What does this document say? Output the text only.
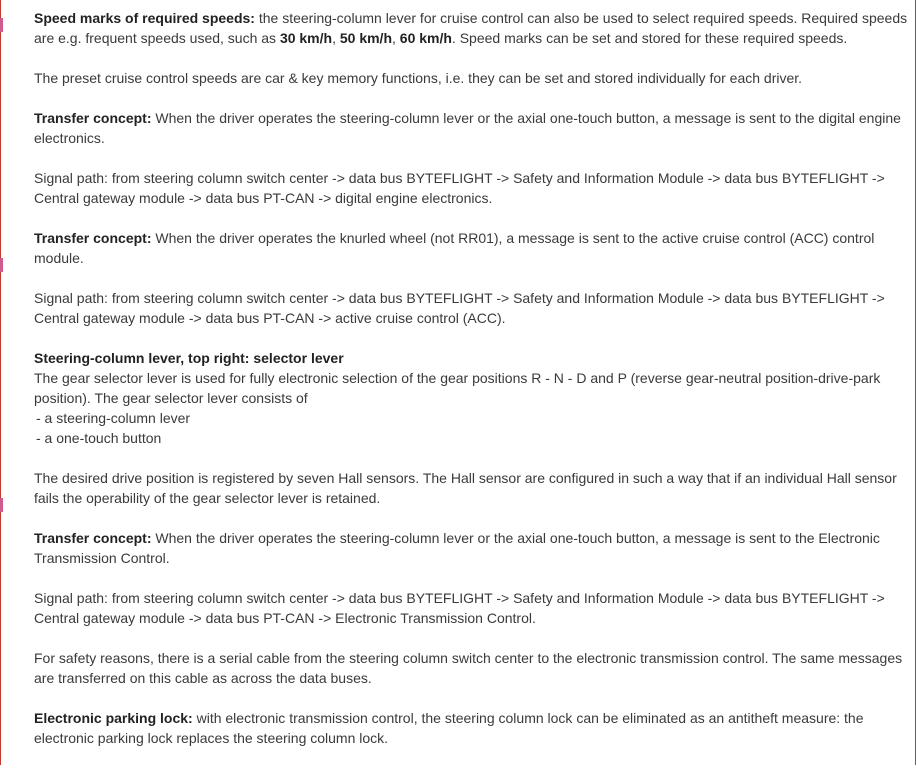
Speed marks of required speeds: the steering-column lever for cruise control can also be used to select required speeds. Required speeds are e.g. frequent speeds used, such as 30 km/h, 50 km/h, 60 km/h. Speed marks can be set and stored for these required speeds.

The preset cruise control speeds are car & key memory functions, i.e. they can be set and stored individually for each driver.

Transfer concept: When the driver operates the steering-column lever or the axial one-touch button, a message is sent to the digital engine electronics.

Signal path: from steering column switch center -> data bus BYTEFLIGHT -> Safety and Information Module -> data bus BYTEFLIGHT -> Central gateway module -> data bus PT-CAN -> digital engine electronics.

Transfer concept: When the driver operates the knurled wheel (not RR01), a message is sent to the active cruise control (ACC) control module.

Signal path: from steering column switch center -> data bus BYTEFLIGHT -> Safety and Information Module -> data bus BYTEFLIGHT -> Central gateway module -> data bus PT-CAN -> active cruise control (ACC).

Steering-column lever, top right: selector lever

The gear selector lever is used for fully electronic selection of the gear positions R - N - D and P (reverse gear-neutral position-drive-park position). The gear selector lever consists of

- a steering-column lever
- a one-touch button

The desired drive position is registered by seven Hall sensors. The Hall sensor are configured in such a way that if an individual Hall sensor fails the operability of the gear selector lever is retained.

Transfer concept: When the driver operates the steering-column lever or the axial one-touch button, a message is sent to the Electronic Transmission Control.

Signal path: from steering column switch center -> data bus BYTEFLIGHT -> Safety and Information Module -> data bus BYTEFLIGHT -> Central gateway module -> data bus PT-CAN -> Electronic Transmission Control.

For safety reasons, there is a serial cable from the steering column switch center to the electronic transmission control. The same messages are transferred on this cable as across the data buses.

Electronic parking lock: with electronic transmission control, the steering column lock can be eliminated as an antitheft measure: the electronic parking lock replaces the steering column lock.
